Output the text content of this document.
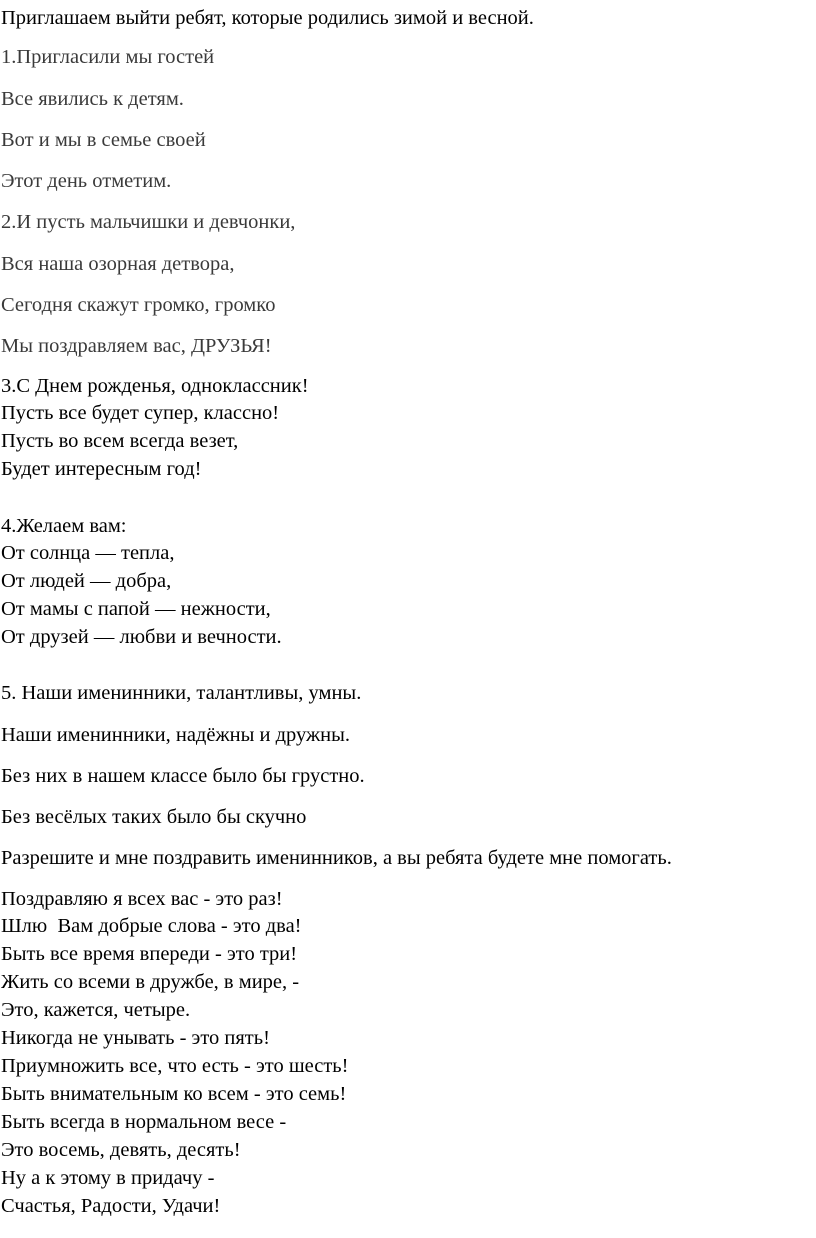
Приглашаем выйти ребят, которые родились зимой и весной.
1.Пригласили мы гостей
Все явились к детям.
Вот и мы в семье своей
Этот день отметим.
2.И пусть мальчишки и девчонки,
Вся наша озорная детвора,
Сегодня скажут громко, громко
Мы поздравляем вас, ДРУЗЬЯ!
3.С Днем рожденья, одноклассник!
Пусть все будет супер, классно!
Пусть во всем всегда везет,
Будет интересным год!
4.Желаем вам:
От солнца — тепла,
От людей — добра,
От мамы с папой — нежности,
От друзей — любви и вечности.
5. Наши именинники, талантливы, умны.
Наши именинники, надёжны и дружны.
Без них в нашем классе было бы грустно.
Без весёлых таких было бы скучно
Разрешите и мне поздравить именинников, а вы ребята будете мне помогать.
Поздравляю я всех вас - это раз!
Шлю  Вам добрые слова - это два!
Быть все время впереди - это три!
Жить со всеми в дружбе, в мире, -
Это, кажется, четыре.
Никогда не унывать - это пять!
Приумножить все, что есть - это шесть!
Быть внимательным ко всем - это семь!
Быть всегда в нормальном весе -
Это восемь, девять, десять!
Ну а к этому в придачу -
Счастья, Радости, Удачи!
